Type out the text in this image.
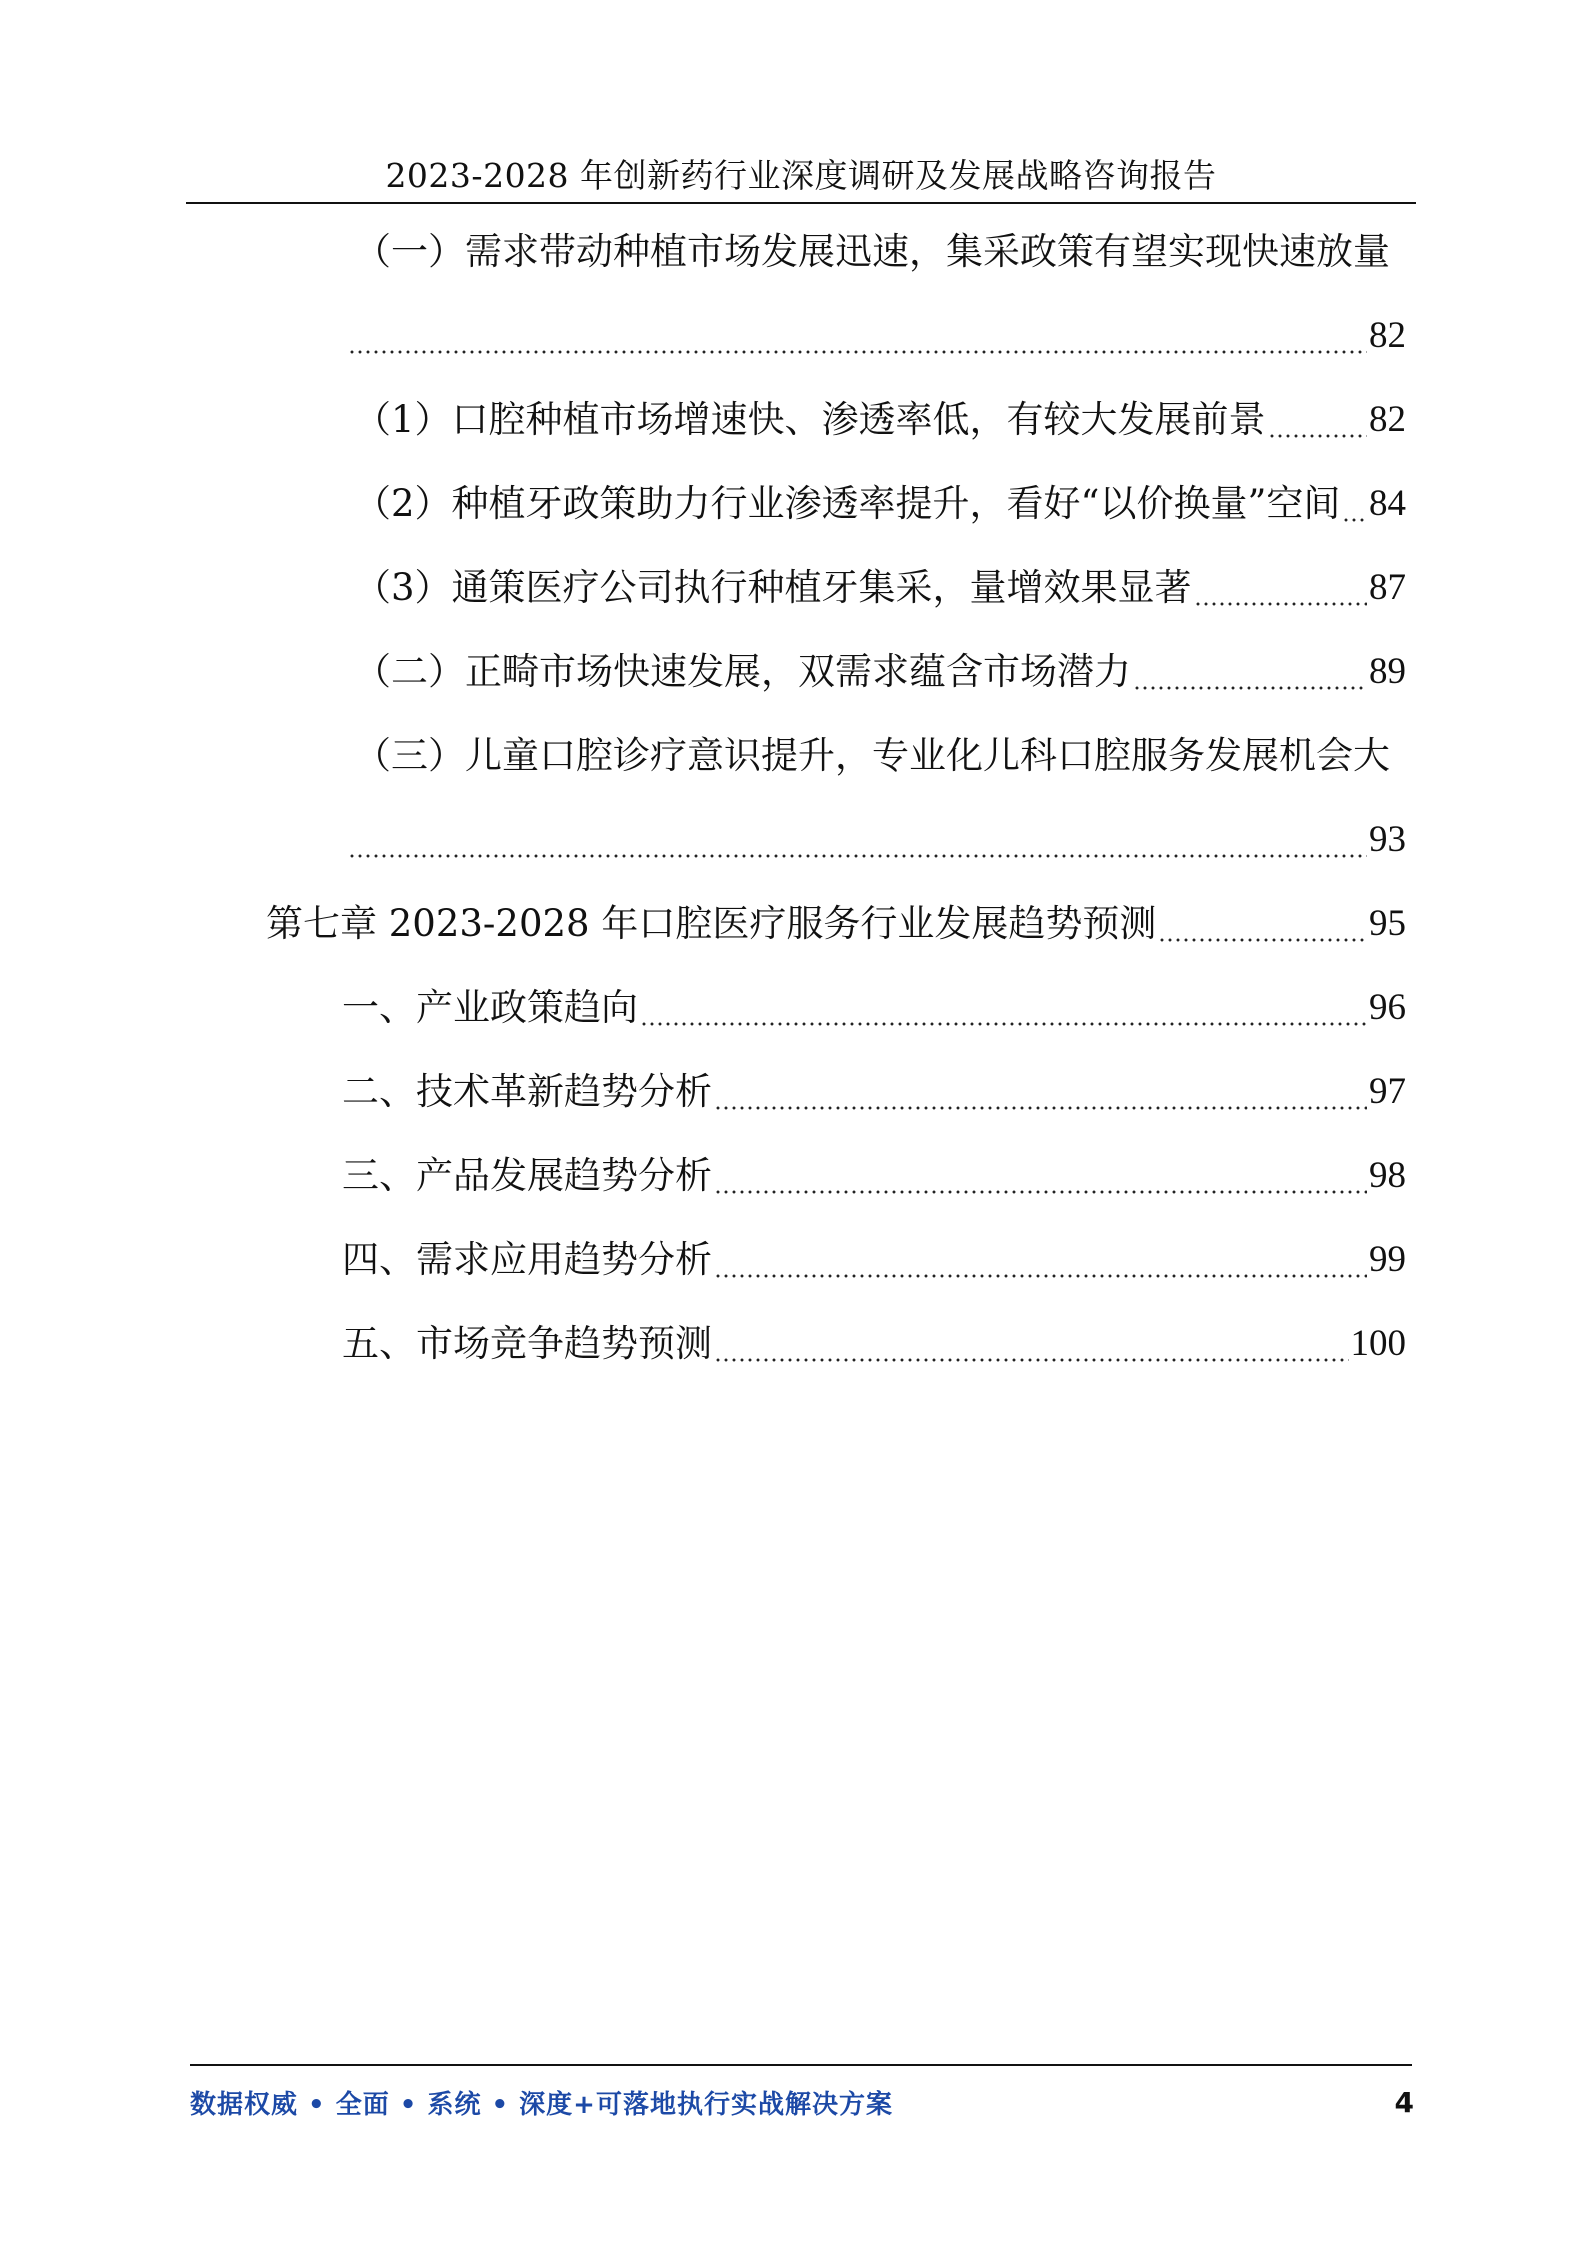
2023-2028 年创新药行业深度调研及发展战略咨询报告
（一）需求带动种植市场发展迅速，集采政策有望实现快速放量
82
（1）口腔种植市场增速快、渗透率低，有较大发展前景	82
（2）种植牙政策助力行业渗透率提升，看好“以价换量”空间 84
（3）通策医疗公司执行种植牙集采，量增效果显著	87
（二）正畸市场快速发展，双需求蕴含市场潜力	89
（三）儿童口腔诊疗意识提升，专业化儿科口腔服务发展机会大
93
第七章 2023-2028 年口腔医疗服务行业发展趋势预测	95
一、产业政策趋向	96
二、技术革新趋势分析	97
三、产品发展趋势分析	98
四、需求应用趋势分析	99
五、市场竞争趋势预测	100
数据权威 • 全面 • 系统 • 深度+可落地执行实战解决方案	4
